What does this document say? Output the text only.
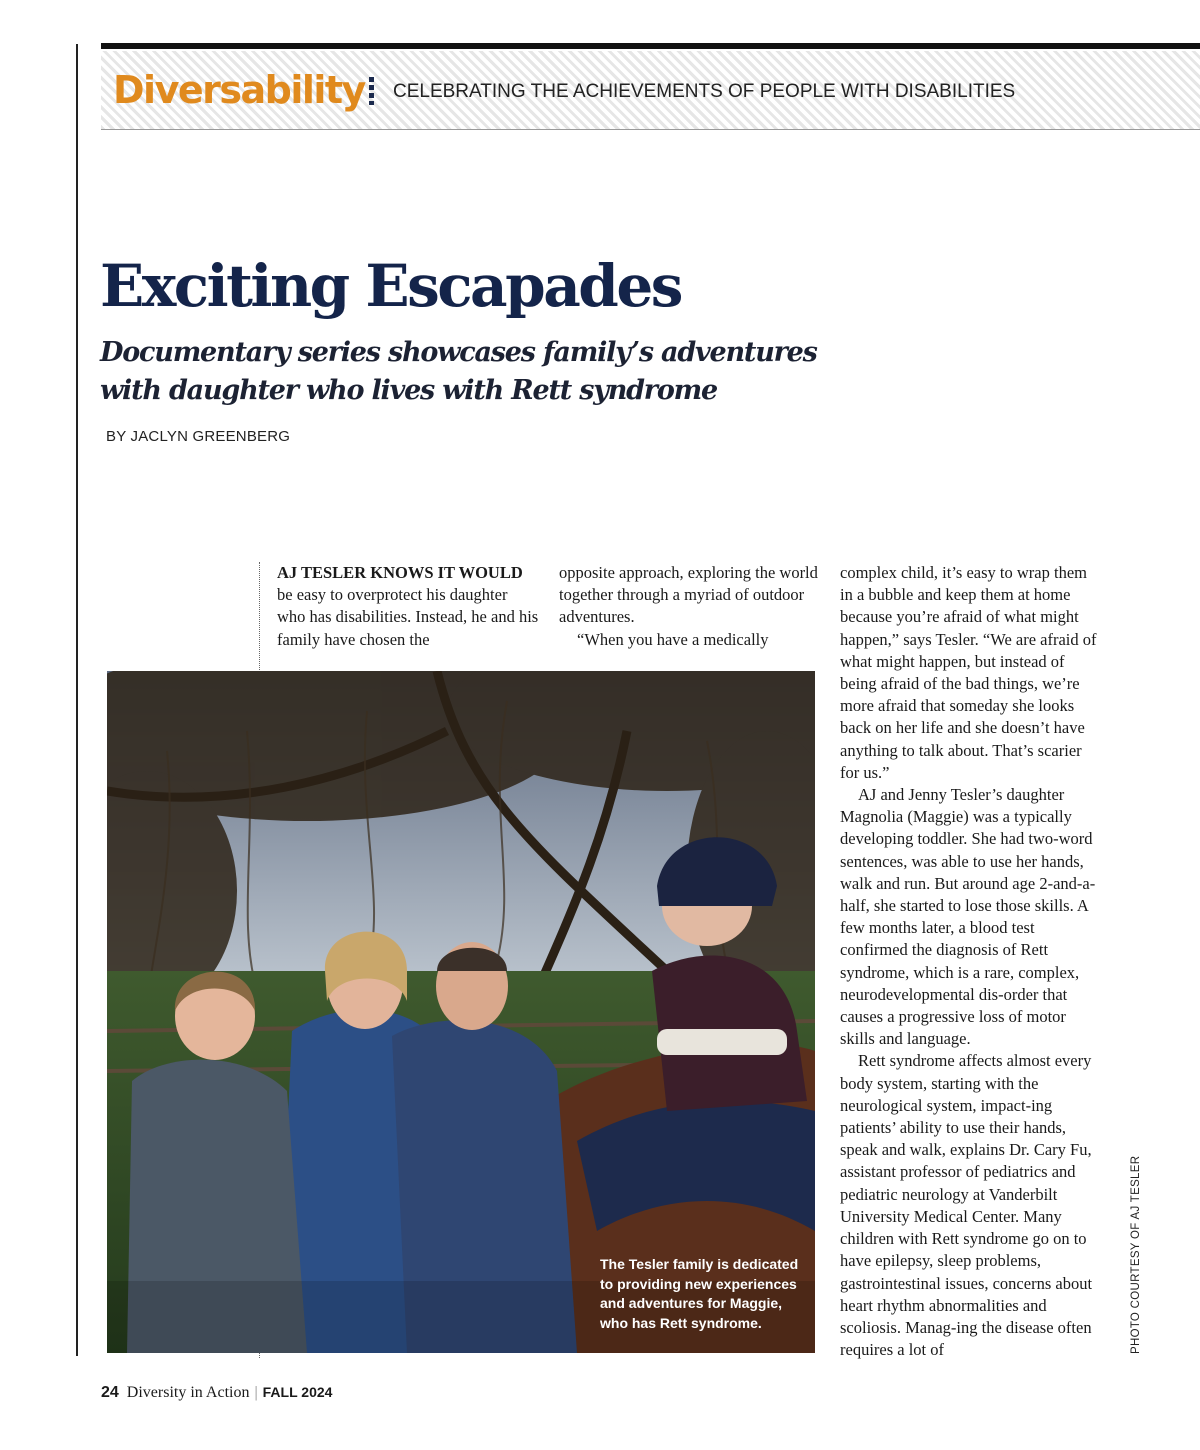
Diversability CELEBRATING THE ACHIEVEMENTS OF PEOPLE WITH DISABILITIES
Exciting Escapades
Documentary series showcases family’s adventures with daughter who lives with Rett syndrome
BY JACLYN GREENBERG

AJ TESLER KNOWS IT WOULD be easy to overprotect his daughter who has disabilities. Instead, he and his family have chosen the

opposite approach, exploring the world together through a myriad of outdoor adventures.

“When you have a medically

complex child, it’s easy to wrap them in a bubble and keep them at home because you’re afraid of what might happen,” says Tesler. “We are afraid of what might happen, but instead of being afraid of the bad things, we’re more afraid that someday she looks back on her life and she doesn’t have anything to talk about. That’s scarier for us.”

AJ and Jenny Tesler’s daughter Magnolia (Maggie) was a typically developing toddler. She had two-word sentences, was able to use her hands, walk and run. But around age 2-and-a-half, she started to lose those skills. A few months later, a blood test confirmed the diagnosis of Rett syndrome, which is a rare, complex, neurodevelopmental dis-order that causes a progressive loss of motor skills and language.

Rett syndrome affects almost every body system, starting with the neurological system, impact-ing patients’ ability to use their hands, speak and walk, explains Dr. Cary Fu, assistant professor of pediatrics and pediatric neurology at Vanderbilt University Medical Center. Many children with Rett syndrome go on to have epilepsy, sleep problems, gastrointestinal issues, concerns about heart rhythm abnormalities and scoliosis. Manag-ing the disease often requires a lot of

The Tesler family is dedicated to providing new experiences and adventures for Maggie, who has Rett syndrome.	PHOTO COURTESY OF AJ TESLER
24 Diversity in Action | FALL 2024
